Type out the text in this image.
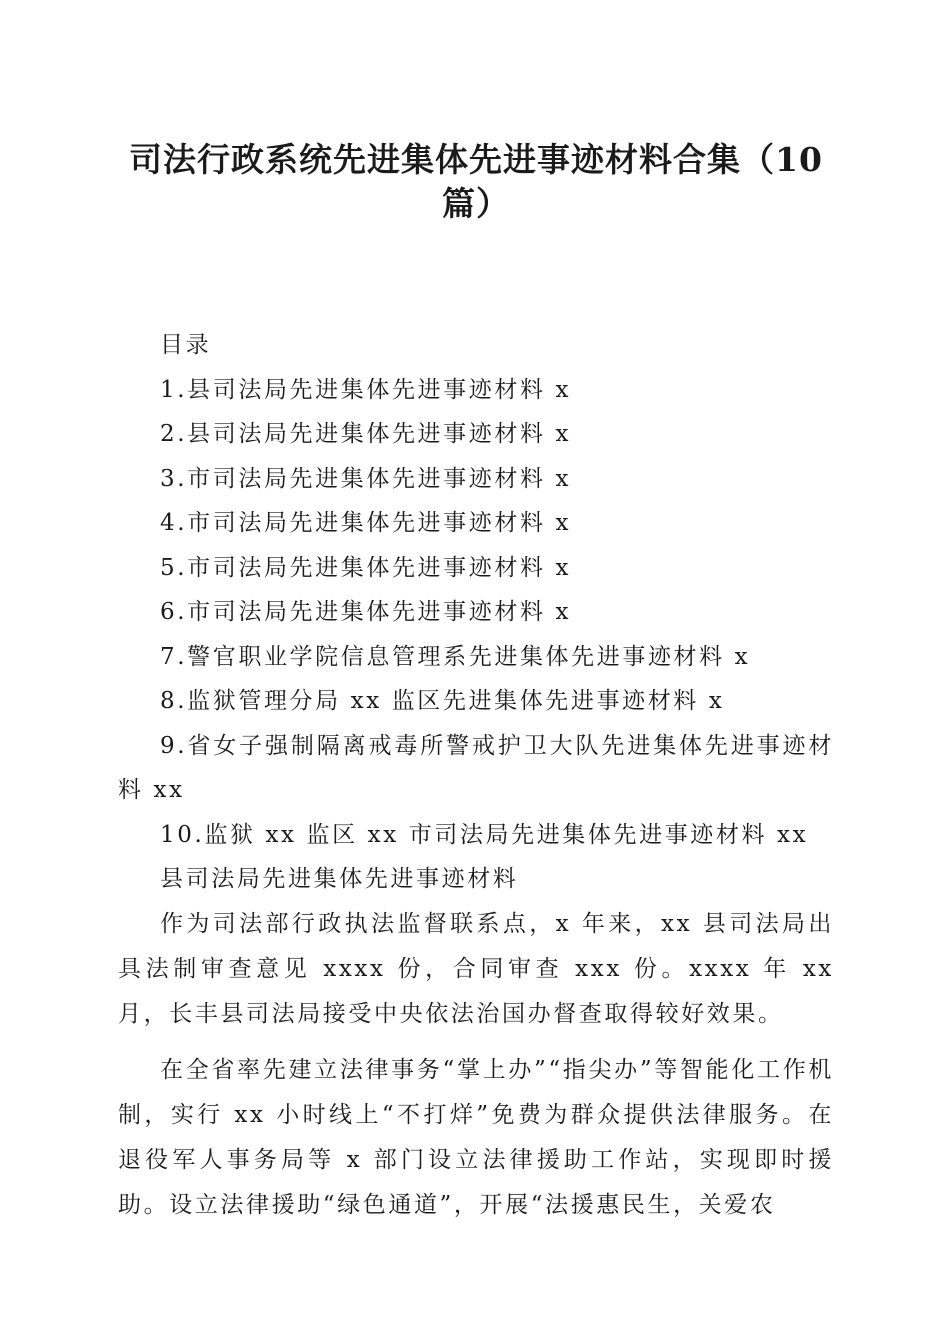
司法行政系统先进集体先进事迹材料合集（10篇）
目录
1.县司法局先进集体先进事迹材料 x
2.县司法局先进集体先进事迹材料 x
3.市司法局先进集体先进事迹材料 x
4.市司法局先进集体先进事迹材料 x
5.市司法局先进集体先进事迹材料 x
6.市司法局先进集体先进事迹材料 x
7.警官职业学院信息管理系先进集体先进事迹材料 x
8.监狱管理分局 xx 监区先进集体先进事迹材料 x
9.省女子强制隔离戒毒所警戒护卫大队先进集体先进事迹材料 xx
10.监狱 xx 监区 xx 市司法局先进集体先进事迹材料 xx
县司法局先进集体先进事迹材料

作为司法部行政执法监督联系点，x 年来，xx 县司法局出具法制审查意见 xxxx 份，合同审查 xxx 份。xxxx 年 xx 月，长丰县司法局接受中央依法治国办督查取得较好效果。

在全省率先建立法律事务“掌上办”“指尖办”等智能化工作机制，实行 xx 小时线上“不打烊”免费为群众提供法律服务。在退役军人事务局等 x 部门设立法律援助工作站，实现即时援助。设立法律援助“绿色通道”，开展“法援惠民生，关爱农
